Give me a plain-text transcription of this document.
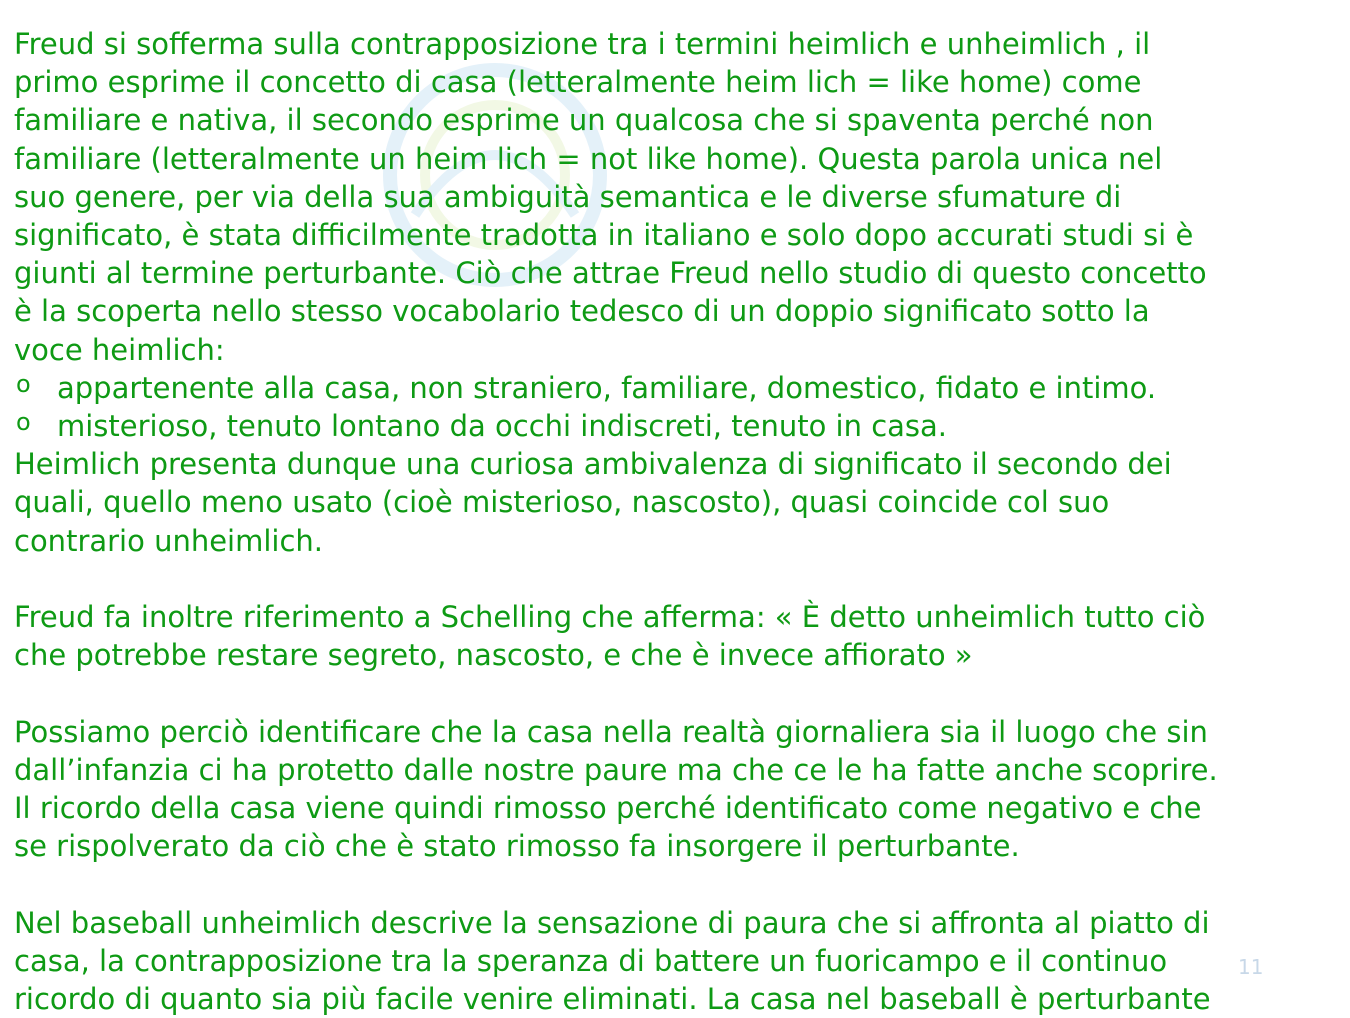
Freud si sofferma sulla contrapposizione tra i termini heimlich e unheimlich , il
primo esprime il concetto di casa (letteralmente heim lich = like home) come
familiare e nativa, il secondo esprime un qualcosa che si spaventa perché non
familiare (letteralmente un heim lich = not like home). Questa parola unica nel
suo genere, per via della sua ambiguità semantica e le diverse sfumature di
significato, è stata difficilmente tradotta in italiano e solo dopo accurati studi si è
giunti al termine perturbante. Ciò che attrae Freud nello studio di questo concetto
è la scoperta nello stesso vocabolario tedesco di un doppio significato sotto la
voce heimlich:
o appartenente alla casa, non straniero, familiare, domestico, fidato e intimo.
o misterioso, tenuto lontano da occhi indiscreti, tenuto in casa.
Heimlich presenta dunque una curiosa ambivalenza di significato il secondo dei
quali, quello meno usato (cioè misterioso, nascosto), quasi coincide col suo
contrario unheimlich.
Freud fa inoltre riferimento a Schelling che afferma: « È detto unheimlich tutto ciò
che potrebbe restare segreto, nascosto, e che è invece affiorato »
Possiamo perciò identificare che la casa nella realtà giornaliera sia il luogo che sin
dall’infanzia ci ha protetto dalle nostre paure ma che ce le ha fatte anche scoprire.
Il ricordo della casa viene quindi rimosso perché identificato come negativo e che
se rispolverato da ciò che è stato rimosso fa insorgere il perturbante.
Nel baseball unheimlich descrive la sensazione di paura che si affronta al piatto di
casa, la contrapposizione tra la speranza di battere un fuoricampo e il continuo
ricordo di quanto sia più facile venire eliminati. La casa nel baseball è perturbante
11
